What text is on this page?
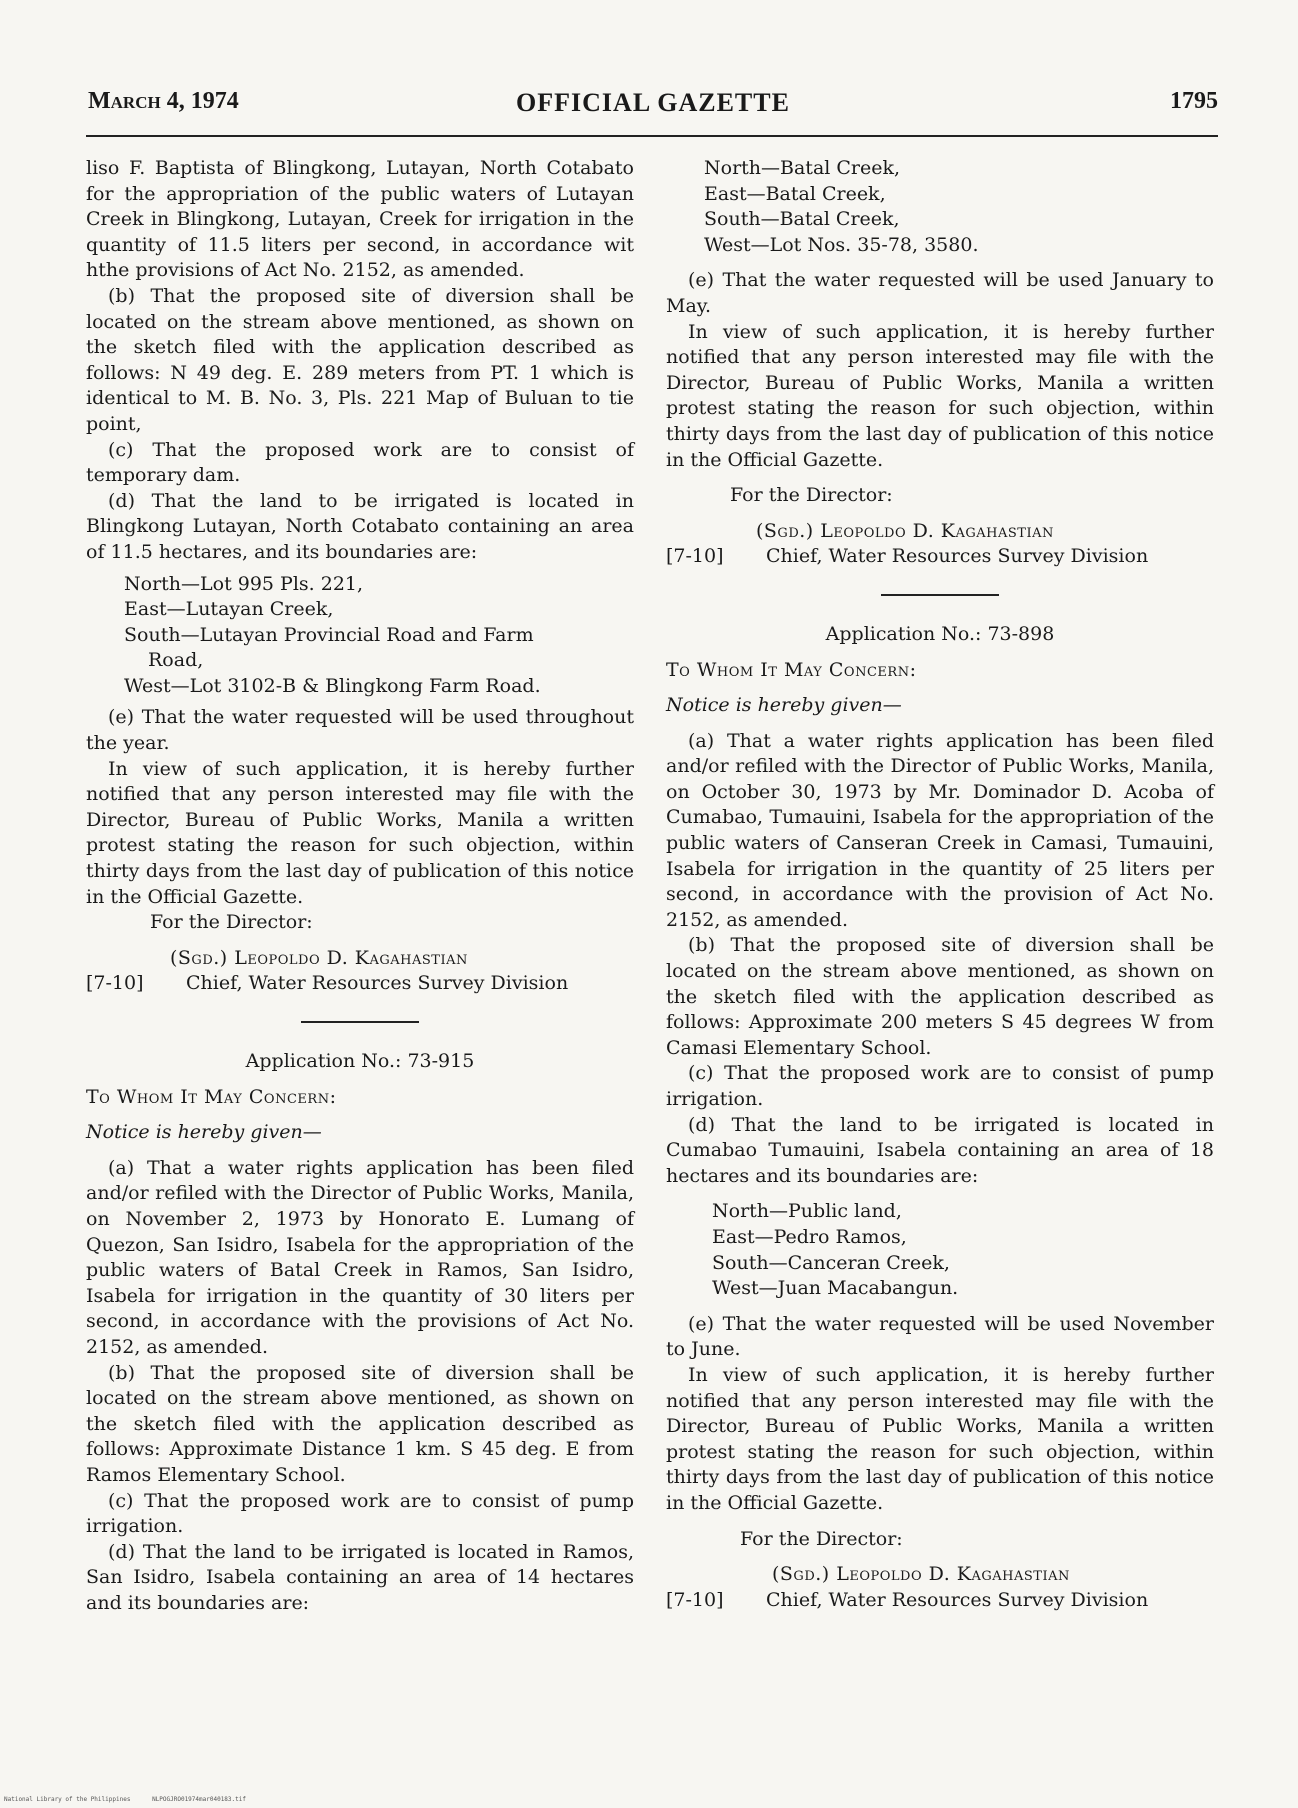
March 4, 1974	OFFICIAL GAZETTE	1795

liso F. Baptista of Blingkong, Lutayan, North Cotabato for the appropriation of the public waters of Lutayan Creek in Blingkong, Lutayan, Creek for irrigation in the quantity of 11.5 liters per second, in accordance wit hthe provisions of Act No. 2152, as amended.

(b) That the proposed site of diversion shall be located on the stream above mentioned, as shown on the sketch filed with the application described as follows: N 49 deg. E. 289 meters from PT. 1 which is identical to M. B. No. 3, Pls. 221 Map of Buluan to tie point,

(c) That the proposed work are to consist of temporary dam.

(d) That the land to be irrigated is located in Blingkong Lutayan, North Cotabato containing an area of 11.5 hectares, and its boundaries are:

North—Lot 995 Pls. 221,

East—Lutayan Creek,

South—Lutayan Provincial Road and Farm

Road,

West—Lot 3102-B & Blingkong Farm Road.

(e) That the water requested will be used throughout the year.

In view of such application, it is hereby further notified that any person interested may file with the Director, Bureau of Public Works, Manila a written protest stating the reason for such objection, within thirty days from the last day of publication of this notice in the Official Gazette.

For the Director:

(Sgd.) Leopoldo D. Kagahastian

[7-10]	Chief, Water Resources Survey Division

Application No.: 73-915

To Whom It May Concern:

Notice is hereby given—

(a) That a water rights application has been filed and/or refiled with the Director of Public Works, Manila, on November 2, 1973 by Honorato E. Lumang of Quezon, San Isidro, Isabela for the appropriation of the public waters of Batal Creek in Ramos, San Isidro, Isabela for irrigation in the quantity of 30 liters per second, in accordance with the provisions of Act No. 2152, as amended.

(b) That the proposed site of diversion shall be located on the stream above mentioned, as shown on the sketch filed with the application described as follows: Approximate Distance 1 km. S 45 deg. E from Ramos Elementary School.

(c) That the proposed work are to consist of pump irrigation.

(d) That the land to be irrigated is located in Ramos, San Isidro, Isabela containing an area of 14 hectares and its boundaries are:

North—Batal Creek,

East—Batal Creek,

South—Batal Creek,

West—Lot Nos. 35-78, 3580.

(e) That the water requested will be used January to May.

In view of such application, it is hereby further notified that any person interested may file with the Director, Bureau of Public Works, Manila a written protest stating the reason for such objection, within thirty days from the last day of publication of this notice in the Official Gazette.

For the Director:

(Sgd.) Leopoldo D. Kagahastian

[7-10]	Chief, Water Resources Survey Division

Application No.: 73-898

To Whom It May Concern:

Notice is hereby given—

(a) That a water rights application has been filed and/or refiled with the Director of Public Works, Manila, on October 30, 1973 by Mr. Dominador D. Acoba of Cumabao, Tumauini, Isabela for the appropriation of the public waters of Canseran Creek in Camasi, Tumauini, Isabela for irrigation in the quantity of 25 liters per second, in accordance with the provision of Act No. 2152, as amended.

(b) That the proposed site of diversion shall be located on the stream above mentioned, as shown on the sketch filed with the application described as follows: Approximate 200 meters S 45 degrees W from Camasi Elementary School.

(c) That the proposed work are to consist of pump irrigation.

(d) That the land to be irrigated is located in Cumabao Tumauini, Isabela containing an area of 18 hectares and its boundaries are:

North—Public land,

East—Pedro Ramos,

South—Canceran Creek,

West—Juan Macabangun.

(e) That the water requested will be used November to June.

In view of such application, it is hereby further notified that any person interested may file with the Director, Bureau of Public Works, Manila a written protest stating the reason for such objection, within thirty days from the last day of publication of this notice in the Official Gazette.

For the Director:

(Sgd.) Leopoldo D. Kagahastian

[7-10]	Chief, Water Resources Survey Division
National Library of the Philippines	NLPOGJRO01974mar040183.tif
